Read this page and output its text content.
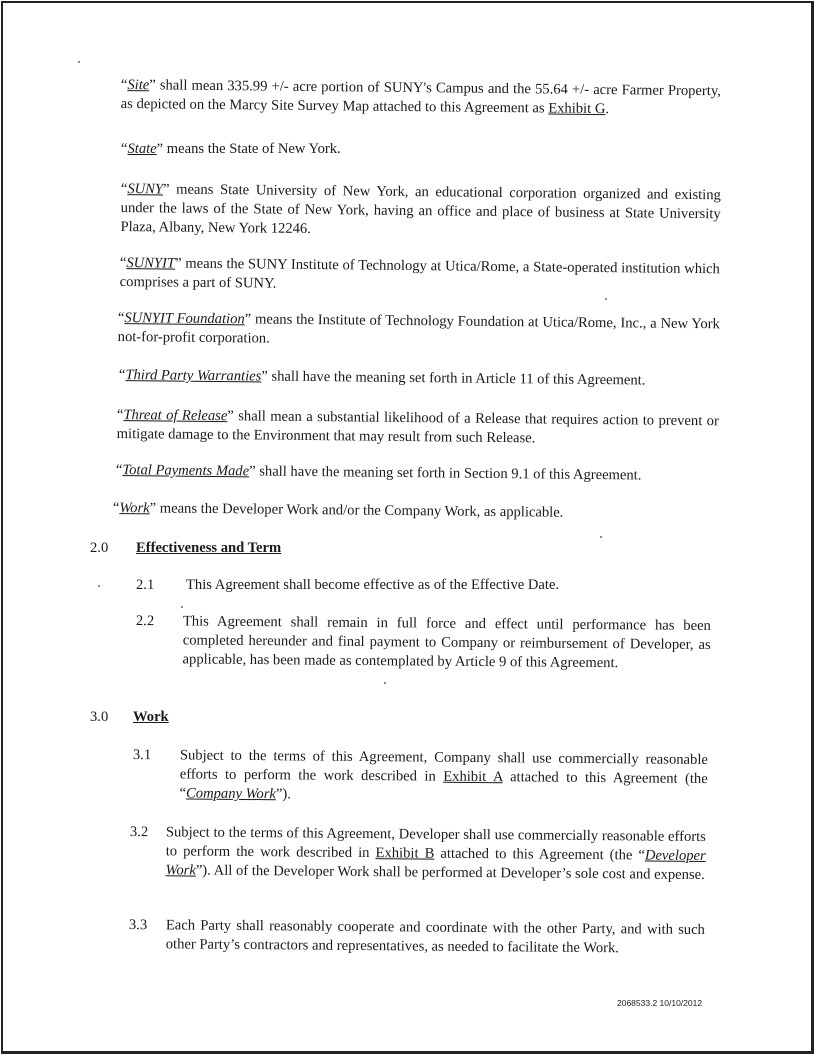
“Site” shall mean 335.99 +/- acre portion of SUNY's Campus and the 55.64 +/- acre Farmer Property, as depicted on the Marcy Site Survey Map attached to this Agreement as Exhibit G.

“State” means the State of New York.

“SUNY” means State University of New York, an educational corporation organized and existing under the laws of the State of New York, having an office and place of business at State University Plaza, Albany, New York 12246.

“SUNYIT” means the SUNY Institute of Technology at Utica/Rome, a State-operated institution which comprises a part of SUNY.

“SUNYIT Foundation” means the Institute of Technology Foundation at Utica/Rome, Inc., a New York not-for-profit corporation.

“Third Party Warranties” shall have the meaning set forth in Article 11 of this Agreement.

“Threat of Release” shall mean a substantial likelihood of a Release that requires action to prevent or mitigate damage to the Environment that may result from such Release.

“Total Payments Made” shall have the meaning set forth in Section 9.1 of this Agreement.

“Work” means the Developer Work and/or the Company Work, as applicable.

2.0 Effectiveness and Term
2.1 This Agreement shall become effective as of the Effective Date.
2.2 This Agreement shall remain in full force and effect until performance has been completed hereunder and final payment to Company or reimbursement of Developer, as applicable, has been made as contemplated by Article 9 of this Agreement.
3.0 Work
3.1 Subject to the terms of this Agreement, Company shall use commercially reasonable efforts to perform the work described in Exhibit A attached to this Agreement (the “Company Work”).
3.2 Subject to the terms of this Agreement, Developer shall use commercially reasonable efforts to perform the work described in Exhibit B attached to this Agreement (the “Developer Work”). All of the Developer Work shall be performed at Developer’s sole cost and expense.
3.3 Each Party shall reasonably cooperate and coordinate with the other Party, and with such other Party’s contractors and representatives, as needed to facilitate the Work.
2068533.2 10/10/2012
